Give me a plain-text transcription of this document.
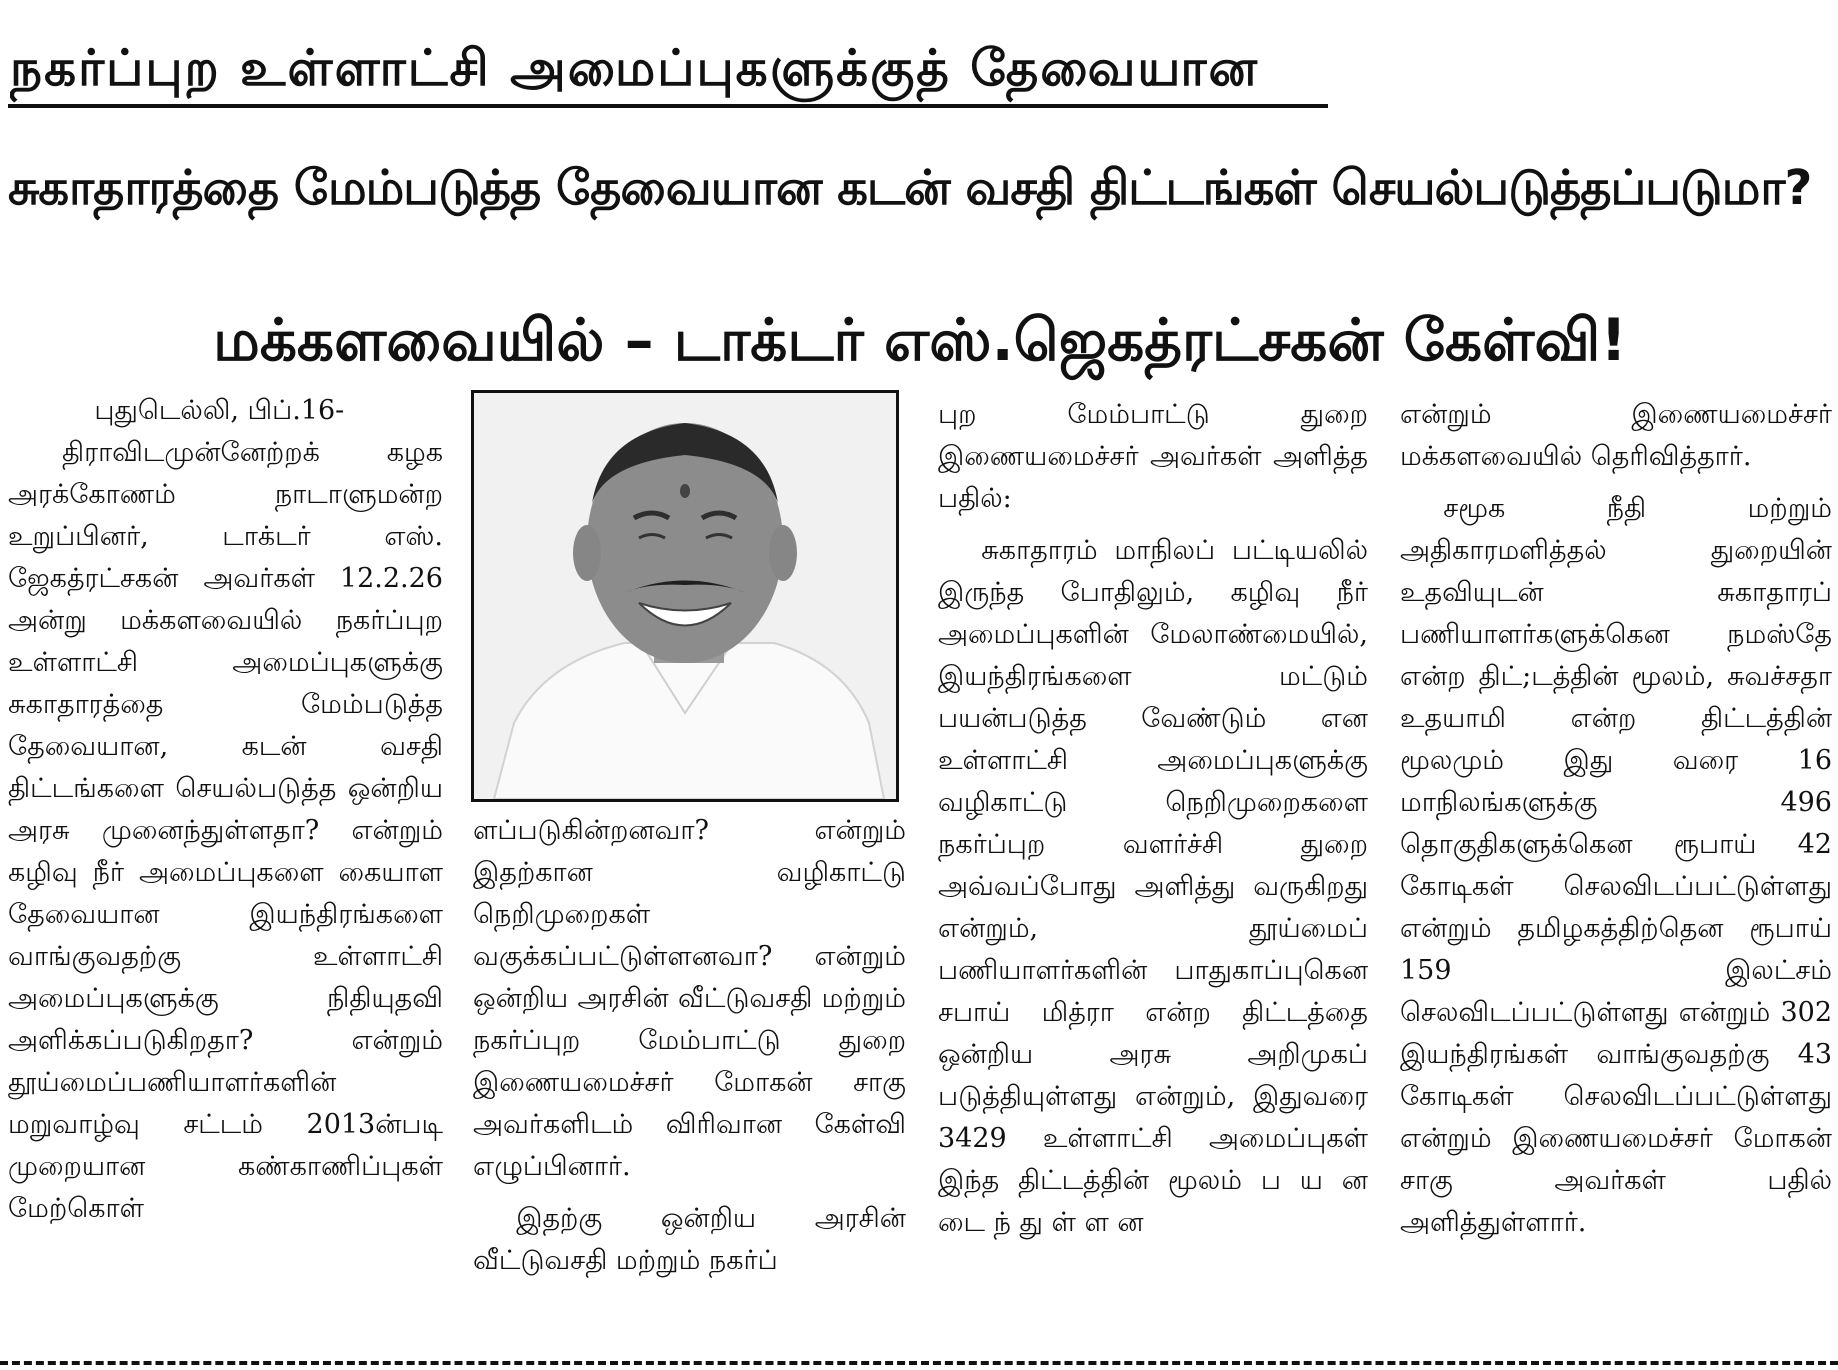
நகர்ப்புற உள்ளாட்சி அமைப்புகளுக்குத் தேவையான
சுகாதாரத்தை மேம்படுத்த தேவையான கடன் வசதி திட்டங்கள் செயல்படுத்தப்படுமா?
மக்களவையில் – டாக்டர் எஸ்.ஜெகத்ரட்சகன் கேள்வி!
புதுடெல்லி, பிப்.16-

திராவிடமுன்னேற்றக் கழக அரக்கோணம் நாடாளுமன்ற உறுப்பினர், டாக்டர் எஸ். ஜேகத்ரட்சகன் அவர்கள் 12.2.26 அன்று மக்களவையில் நகர்ப்புற உள்ளாட்சி அமைப்புகளுக்கு சுகாதாரத்தை மேம்படுத்த தேவையான, கடன் வசதி திட்டங்களை செயல்படுத்த ஒன்றிய அரசு முனைந்துள்ளதா? என்றும் கழிவு நீர் அமைப்புகளை கையாள தேவையான இயந்திரங்களை வாங்குவதற்கு உள்ளாட்சி அமைப்புகளுக்கு நிதியுதவி அளிக்கப்படுகிறதா? என்றும் தூய்மைப்பணியாளர்களின் மறுவாழ்வு சட்டம் 2013ன்படி முறையான கண்காணிப்புகள் மேற்கொள்

ளப்படுகின்றனவா? என்றும் இதற்கான வழிகாட்டு நெறிமுறைகள் வகுக்கப்பட்டுள்ளனவா? என்றும் ஒன்றிய அரசின் வீட்டுவசதி மற்றும் நகர்ப்புற மேம்பாட்டு துறை இணையமைச்சர் மோகன் சாகு அவர்களிடம் விரிவான கேள்வி எழுப்பினார்.

இதற்கு ஒன்றிய அரசின் வீட்டுவசதி மற்றும் நகர்ப்

புற மேம்பாட்டு துறை இணையமைச்சர் அவர்கள் அளித்த பதில்:

சுகாதாரம் மாநிலப் பட்டியலில் இருந்த போதிலும், கழிவு நீர் அமைப்புகளின் மேலாண்மையில், இயந்திரங்களை மட்டும் பயன்படுத்த வேண்டும் என உள்ளாட்சி அமைப்புகளுக்கு வழிகாட்டு நெறிமுறைகளை நகர்ப்புற வளர்ச்சி துறை அவ்வப்போது அளித்து வருகிறது என்றும், தூய்மைப் பணியாளர்களின் பாதுகாப்புகென சபாய் மித்ரா என்ற திட்டத்தை ஒன்றிய அரசு அறிமுகப் படுத்தியுள்ளது என்றும், இதுவரை 3429 உள்ளாட்சி அமைப்புகள் இந்த திட்டத்தின் மூலம் ப ய ன டை ந் து ள் ள ன

என்றும் இணையமைச்சர் மக்களவையில் தெரிவித்தார்.

சமூக நீதி மற்றும் அதிகாரமளித்தல் துறையின் உதவியுடன் சுகாதாரப் பணியாளர்களுக்கென நமஸ்தே என்ற திட்;டத்தின் மூலம், சுவச்சதா உதயாமி என்ற திட்டத்தின் மூலமும் இது வரை 16 மாநிலங்களுக்கு 496 தொகுதிகளுக்கென ரூபாய் 42 கோடிகள் செலவிடப்பட்டுள்ளது என்றும் தமிழகத்திற்தென ரூபாய் 159 இலட்சம் செலவிடப்பட்டுள்ளது என்றும் 302 இயந்திரங்கள் வாங்குவதற்கு 43 கோடிகள் செலவிடப்பட்டுள்ளது என்றும் இணையமைச்சர் மோகன் சாகு அவர்கள் பதில் அளித்துள்ளார்.
